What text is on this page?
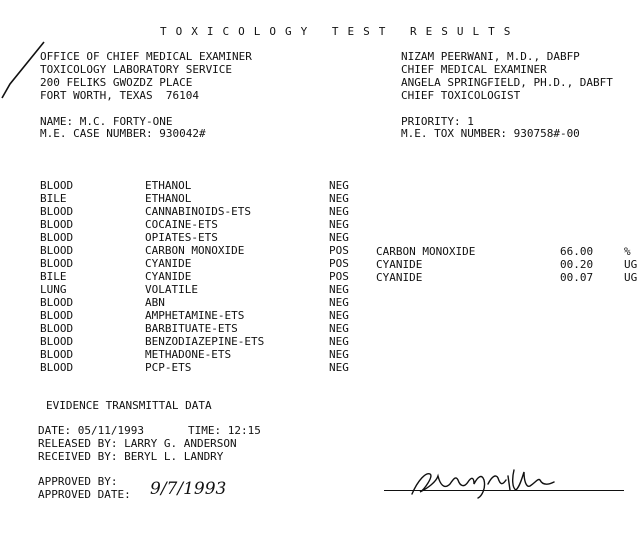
TOXICOLOGY TEST RESULTS
OFFICE OF CHIEF MEDICAL EXAMINER
TOXICOLOGY LABORATORY SERVICE
200 FELIKS GWOZDZ PLACE
FORT WORTH, TEXAS  76104
NIZAM PEERWANI, M.D., DABFP
CHIEF MEDICAL EXAMINER
ANGELA SPRINGFIELD, PH.D., DABFT
CHIEF TOXICOLOGIST
NAME: M.C. FORTY-ONE
M.E. CASE NUMBER: 930042#
PRIORITY: 1
M.E. TOX NUMBER: 930758#-00
BLOOD	ETHANOL	NEG
BILE	ETHANOL	NEG
BLOOD	CANNABINOIDS-ETS	NEG
BLOOD	COCAINE-ETS	NEG
BLOOD	OPIATES-ETS	NEG
BLOOD	CARBON MONOXIDE	POS
BLOOD	CYANIDE	POS
BILE	CYANIDE	POS
LUNG	VOLATILE	NEG
BLOOD	ABN	NEG
BLOOD	AMPHETAMINE-ETS	NEG
BLOOD	BARBITUATE-ETS	NEG
BLOOD	BENZODIAZEPINE-ETS	NEG
BLOOD	METHADONE-ETS	NEG
BLOOD	PCP-ETS	NEG
CARBON MONOXIDE	66.00	%
CYANIDE	00.20	UG
CYANIDE	00.07	UG
EVIDENCE TRANSMITTAL DATA
DATE: 05/11/1993	TIME: 12:15
RELEASED BY: LARRY G. ANDERSON
RECEIVED BY: BERYL L. LANDRY
APPROVED BY:
APPROVED DATE: 9/7/1993
